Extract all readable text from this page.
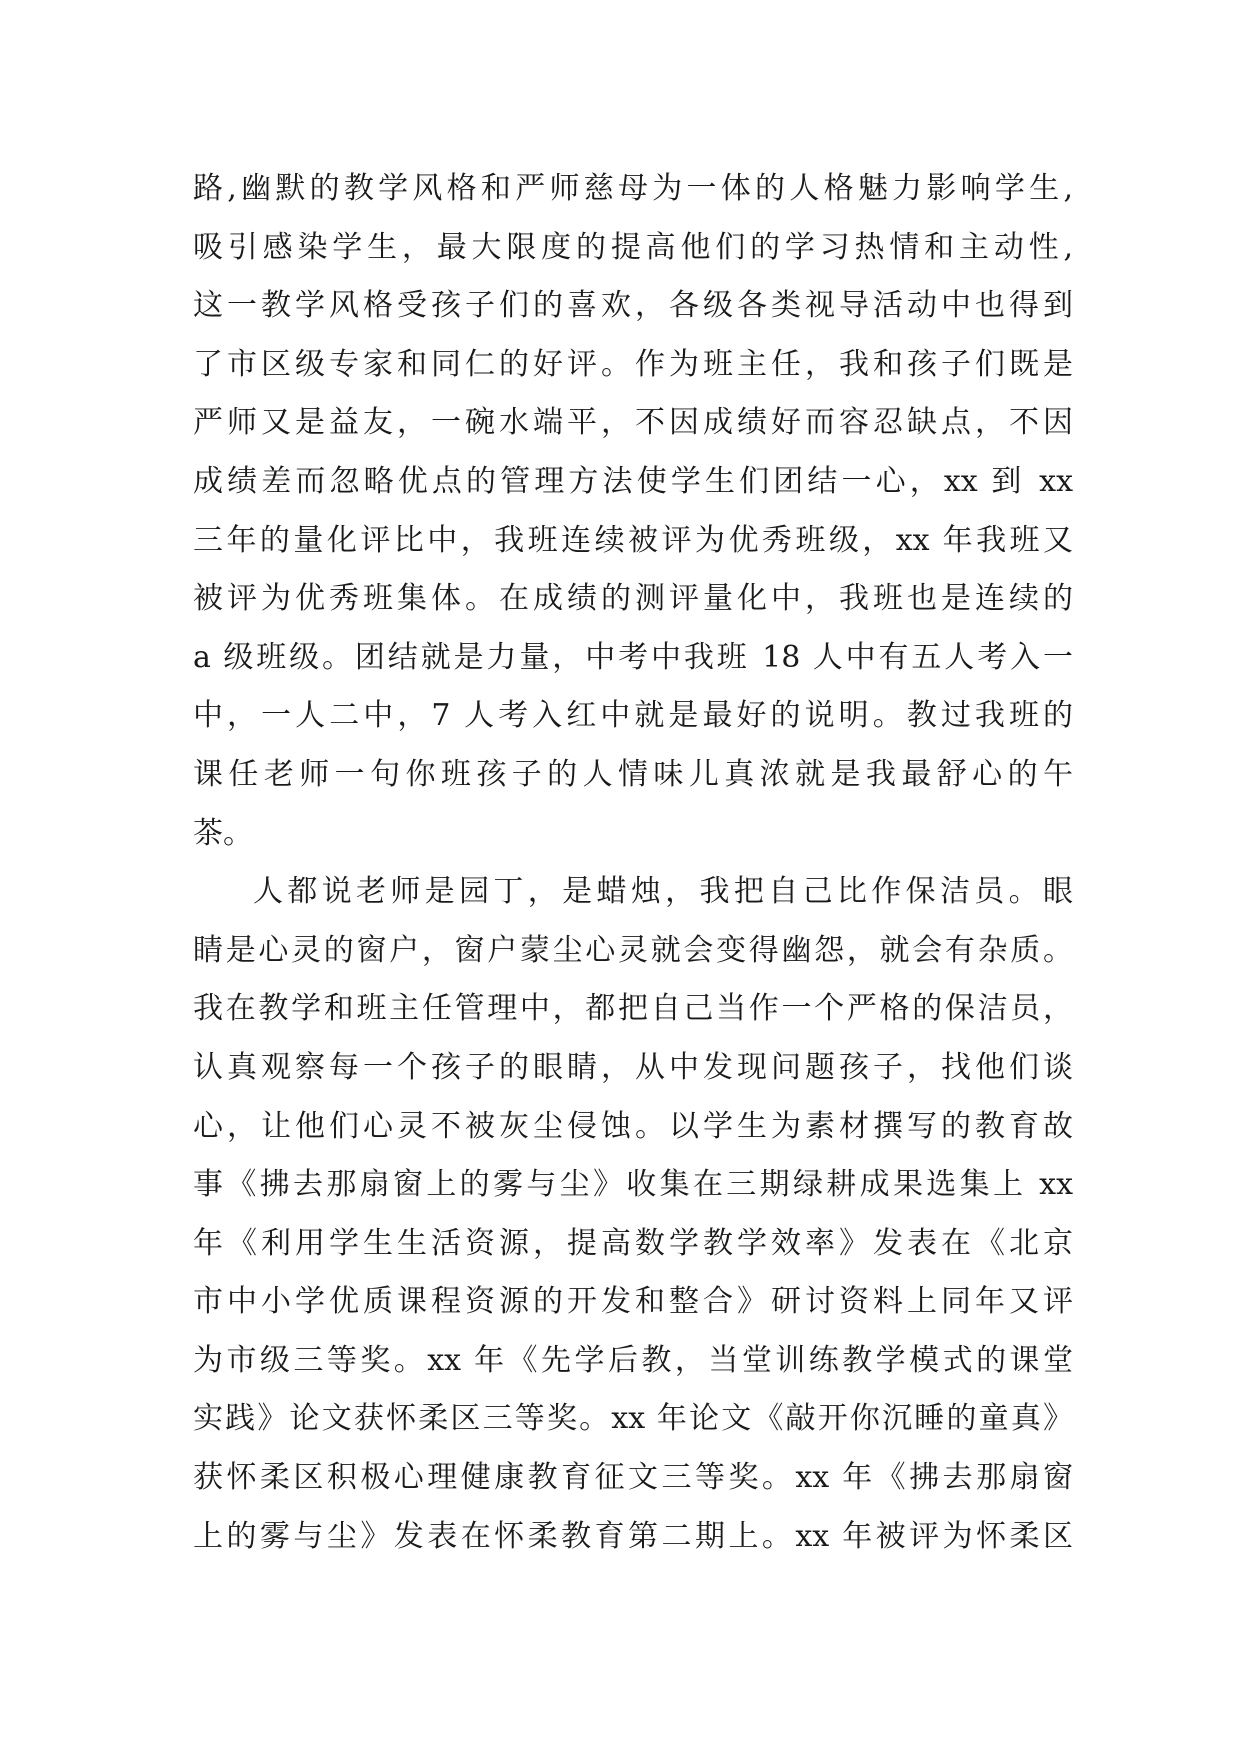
路,幽默的教学风格和严师慈母为一体的人格魅力影响学生,
吸引感染学生，最大限度的提高他们的学习热情和主动性,
这一教学风格受孩子们的喜欢，各级各类视导活动中也得到
了市区级专家和同仁的好评。作为班主任，我和孩子们既是
严师又是益友，一碗水端平，不因成绩好而容忍缺点，不因
成绩差而忽略优点的管理方法使学生们团结一心，xx 到 xx
三年的量化评比中，我班连续被评为优秀班级，xx 年我班又
被评为优秀班集体。在成绩的测评量化中，我班也是连续的
a 级班级。团结就是力量，中考中我班 18 人中有五人考入一
中，一人二中，7 人考入红中就是最好的说明。教过我班的
课任老师一句你班孩子的人情味儿真浓就是我最舒心的午
茶。
人都说老师是园丁，是蜡烛，我把自己比作保洁员。眼
睛是心灵的窗户，窗户蒙尘心灵就会变得幽怨，就会有杂质。
我在教学和班主任管理中，都把自己当作一个严格的保洁员，
认真观察每一个孩子的眼睛，从中发现问题孩子，找他们谈
心，让他们心灵不被灰尘侵蚀。以学生为素材撰写的教育故
事《拂去那扇窗上的雾与尘》收集在三期绿耕成果选集上 xx
年《利用学生生活资源，提高数学教学效率》发表在《北京
市中小学优质课程资源的开发和整合》研讨资料上同年又评
为市级三等奖。xx 年《先学后教，当堂训练教学模式的课堂
实践》论文获怀柔区三等奖。xx 年论文《敲开你沉睡的童真》
获怀柔区积极心理健康教育征文三等奖。xx 年《拂去那扇窗
上的雾与尘》发表在怀柔教育第二期上。xx 年被评为怀柔区
